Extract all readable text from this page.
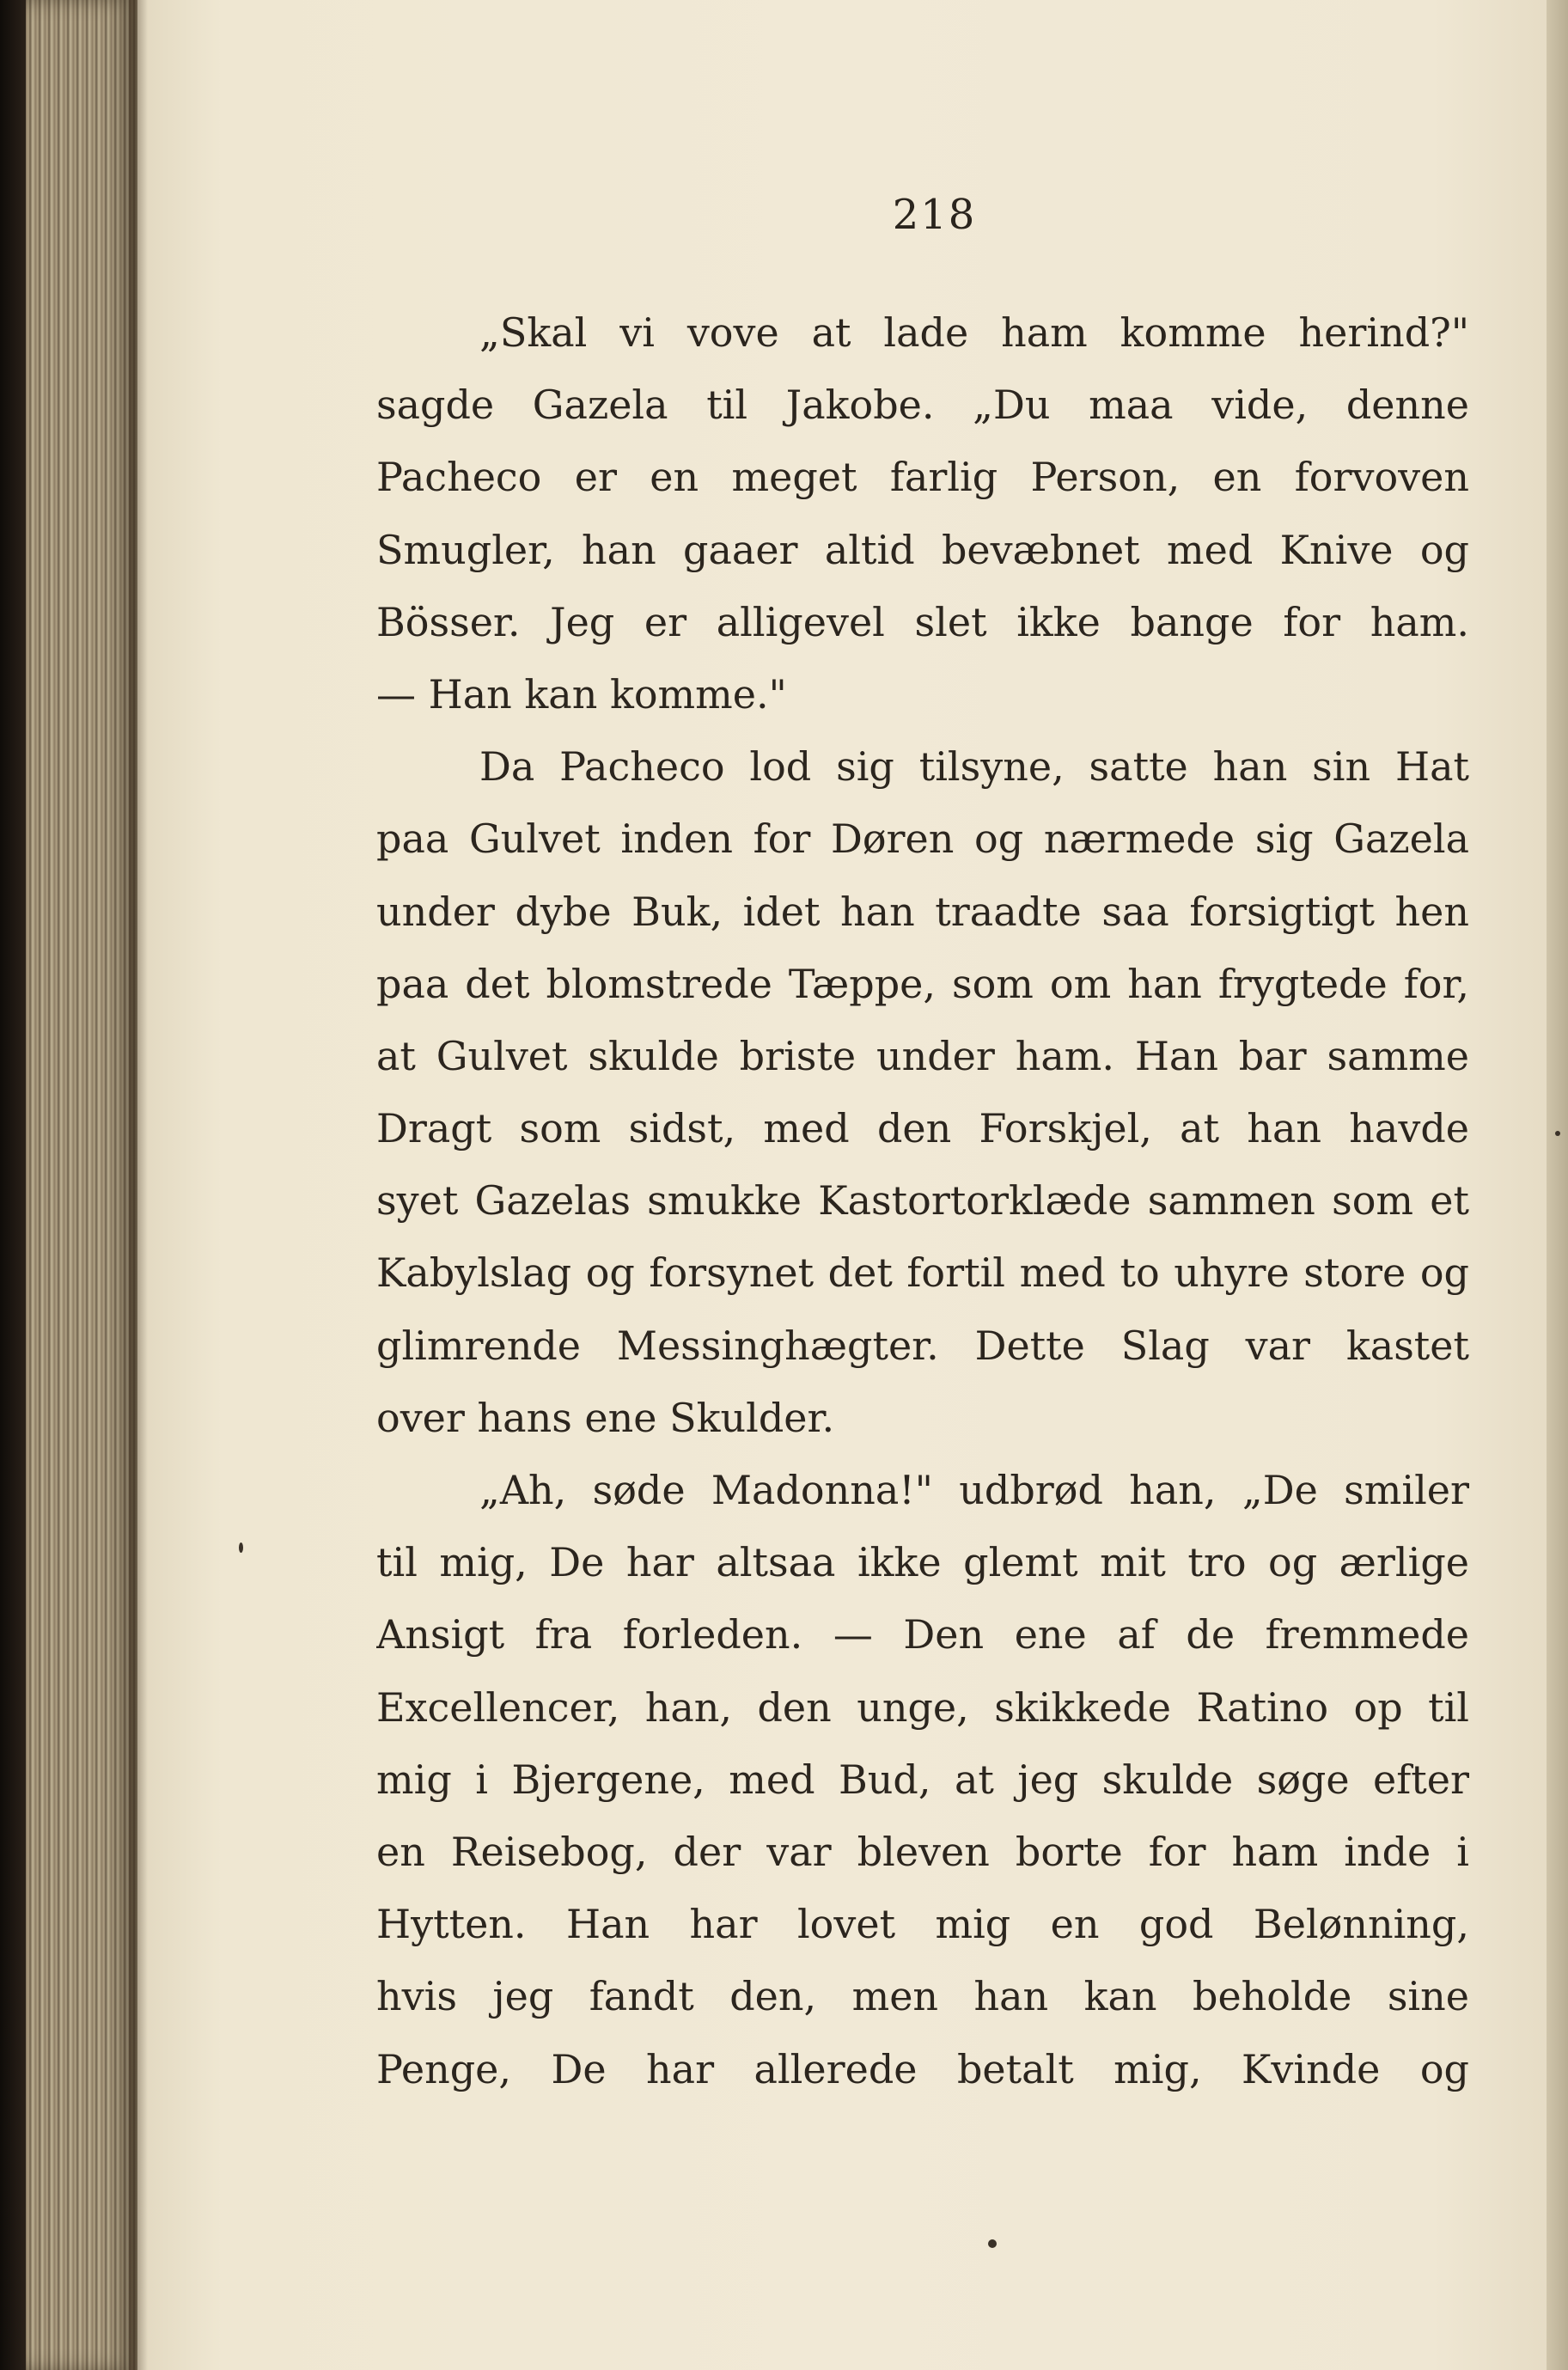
218
„Skal vi vove at lade ham komme herind?"
sagde Gazela til Jakobe. „Du maa vide, denne
Pacheco er en meget farlig Person, en forvoven
Smugler, han gaaer altid bevæbnet med Knive og
Bösser. Jeg er alligevel slet ikke bange for ham.
— Han kan komme."
Da Pacheco lod sig tilsyne, satte han sin Hat
paa Gulvet inden for Døren og nærmede sig Gazela
under dybe Buk, idet han traadte saa forsigtigt hen
paa det blomstrede Tæppe, som om han frygtede for,
at Gulvet skulde briste under ham. Han bar samme
Dragt som sidst, med den Forskjel, at han havde
syet Gazelas smukke Kastortorklæde sammen som et
Kabylslag og forsynet det fortil med to uhyre store og
glimrende Messinghægter. Dette Slag var kastet
over hans ene Skulder.
„Ah, søde Madonna!" udbrød han, „De smiler
til mig, De har altsaa ikke glemt mit tro og ærlige
Ansigt fra forleden. — Den ene af de fremmede
Excellencer, han, den unge, skikkede Ratino op til
mig i Bjergene, med Bud, at jeg skulde søge efter
en Reisebog, der var bleven borte for ham inde i
Hytten. Han har lovet mig en god Belønning,
hvis jeg fandt den, men han kan beholde sine
Penge, De har allerede betalt mig, Kvinde og
